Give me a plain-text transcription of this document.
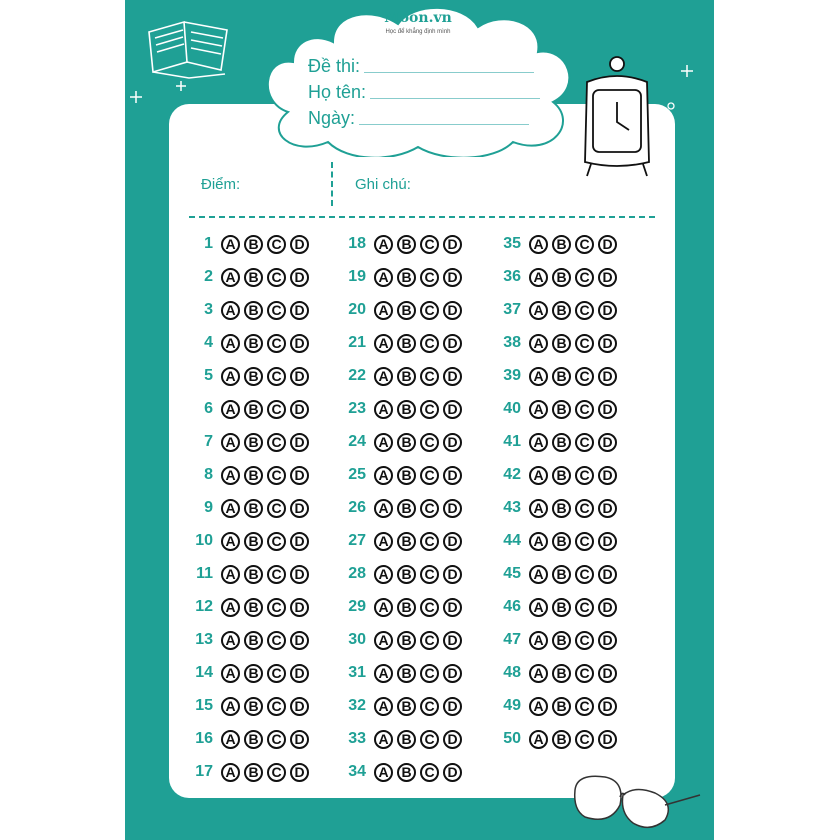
Điểm:	Ghi chú:
1 A B C D
2 A B C D
3 A B C D
4 A B C D
5 A B C D
6 A B C D
7 A B C D
8 A B C D
9 A B C D
10 A B C D
11 A B C D
12 A B C D
13 A B C D
14 A B C D
15 A B C D
16 A B C D
17 A B C D
18 A B C D
19 A B C D
20 A B C D
21 A B C D
22 A B C D
23 A B C D
24 A B C D
25 A B C D
26 A B C D
27 A B C D
28 A B C D
29 A B C D
30 A B C D
31 A B C D
32 A B C D
33 A B C D
34 A B C D
35 A B C D
36 A B C D
37 A B C D
38 A B C D
39 A B C D
40 A B C D
41 A B C D
42 A B C D
43 A B C D
44 A B C D
45 A B C D
46 A B C D
47 A B C D
48 A B C D
49 A B C D
50 A B C D
Moon.vn
Học để khẳng định mình
Đề thi:
Họ tên:
Ngày:
